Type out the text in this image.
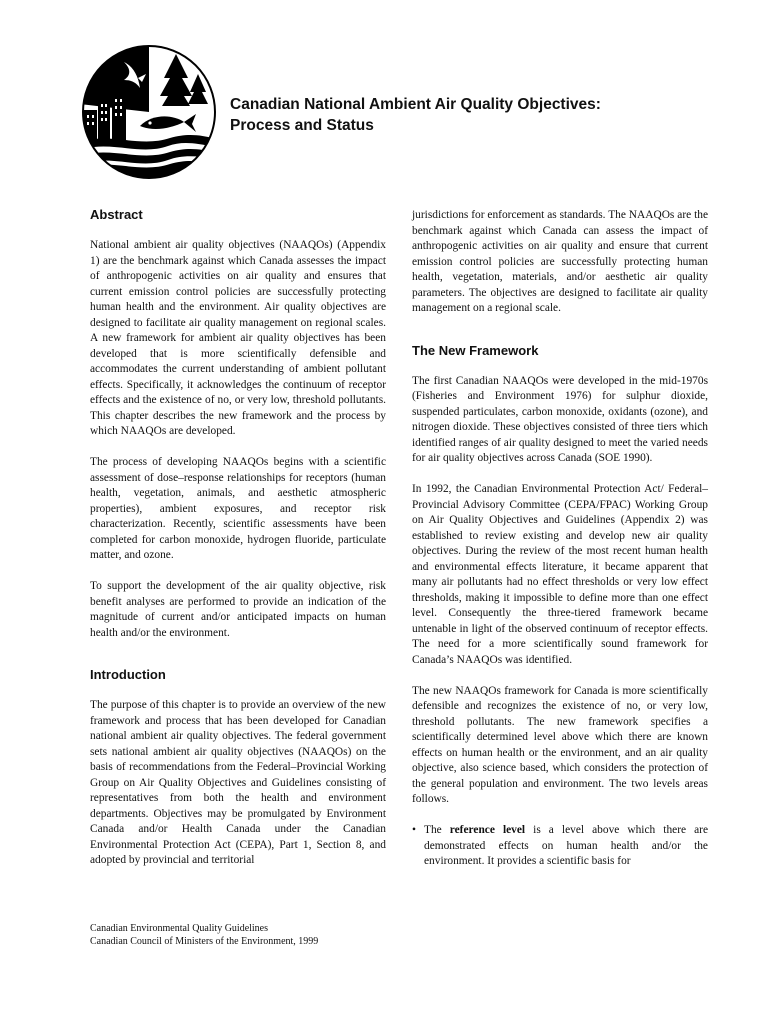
Canadian National Ambient Air Quality Objectives:
Process and Status
Abstract

National ambient air quality objectives (NAAQOs) (Appendix 1) are the benchmark against which Canada assesses the impact of anthropogenic activities on air quality and ensures that current emission control policies are successfully protecting human health and the environment. Air quality objectives are designed to facilitate air quality management on regional scales. A new framework for ambient air quality objectives has been developed that is more scientifically defensible and accommodates the current understanding of ambient pollutant effects. Specifically, it acknowledges the continuum of receptor effects and the existence of no, or very low, threshold pollutants. This chapter describes the new framework and the process by which NAAQOs are developed.

The process of developing NAAQOs begins with a scientific assessment of dose–response relationships for receptors (human health, vegetation, animals, and aesthetic atmospheric properties), ambient exposures, and receptor risk characterization. Recently, scientific assessments have been completed for carbon monoxide, hydrogen fluoride, particulate matter, and ozone.

To support the development of the air quality objective, risk benefit analyses are performed to provide an indication of the magnitude of current and/or anticipated impacts on human health and/or the environment.

Introduction

The purpose of this chapter is to provide an overview of the new framework and process that has been developed for Canadian national ambient air quality objectives. The federal government sets national ambient air quality objectives (NAAQOs) on the basis of recommendations from the Federal–Provincial Working Group on Air Quality Objectives and Guidelines consisting of representatives from both the health and environment departments. Objectives may be promulgated by Environment Canada and/or Health Canada under the Canadian Environmental Protection Act (CEPA), Part 1, Section 8, and adopted by provincial and territorial

jurisdictions for enforcement as standards. The NAAQOs are the benchmark against which Canada can assess the impact of anthropogenic activities on air quality and ensure that current emission control policies are successfully protecting human health, vegetation, materials, and/or aesthetic air quality parameters. The objectives are designed to facilitate air quality management on a regional scale.

The New Framework

The first Canadian NAAQOs were developed in the mid-1970s (Fisheries and Environment 1976) for sulphur dioxide, suspended particulates, carbon monoxide, oxidants (ozone), and nitrogen dioxide. These objectives consisted of three tiers which identified ranges of air quality designed to meet the varied needs for air quality objectives across Canada (SOE 1990).

In 1992, the Canadian Environmental Protection Act/ Federal–Provincial Advisory Committee (CEPA/FPAC) Working Group on Air Quality Objectives and Guidelines (Appendix 2) was established to review existing and develop new air quality objectives. During the review of the most recent human health and environmental effects literature, it became apparent that many air pollutants had no effect thresholds or very low effect thresholds, making it impossible to define more than one effect level. Consequently the three-tiered framework became untenable in light of the observed continuum of receptor effects. The need for a more scientifically sound framework for Canada’s NAAQOs was identified.

The new NAAQOs framework for Canada is more scientifically defensible and recognizes the existence of no, or very low, threshold pollutants. The new framework specifies a scientifically determined level above which there are known effects on human health or the environment, and an air quality objective, also science based, which considers the protection of the general population and environment. The two levels areas follows.

• The reference level is a level above which there are demonstrated effects on human health and/or the environment. It provides a scientific basis for
Canadian Environmental Quality Guidelines
Canadian Council of Ministers of the Environment, 1999
